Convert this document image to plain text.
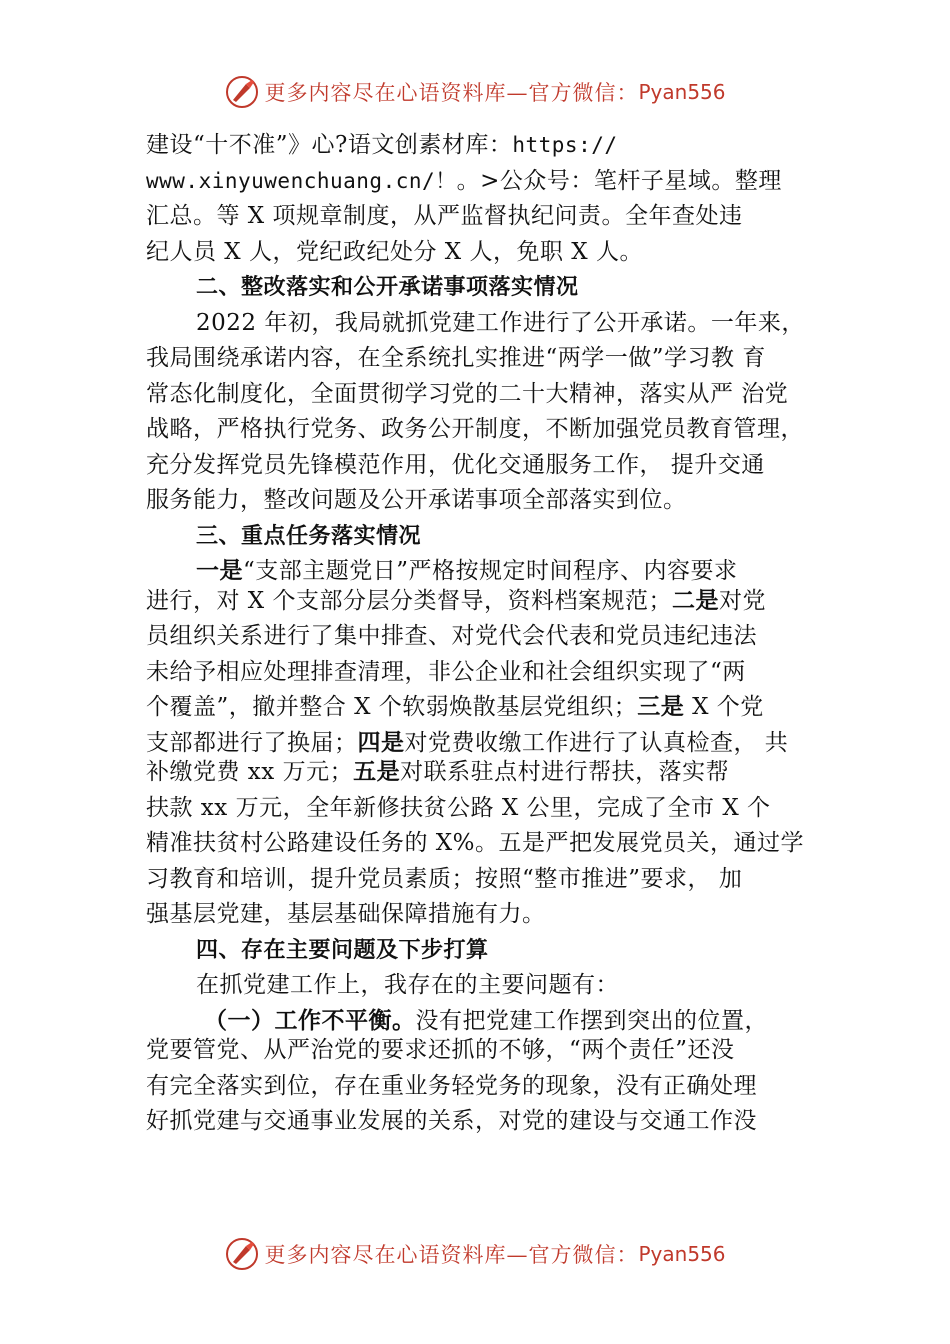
更多内容尽在心语资料库—官方微信： Pyan556
建设“十不准”》心?语文创素材库：https://
www.xinyuwenchuang.cn/！。>公众号：笔杆子星域。整理
汇总。等 X 项规章制度，从严监督执纪问责。全年查处违
纪人员 X 人，党纪政纪处分 X 人，免职 X 人。
二、整改落实和公开承诺事项落实情况
2022 年初，我局就抓党建工作进行了公开承诺。一年来，
我局围绕承诺内容，在全系统扎实推进“两学一做”学习教 育
常态化制度化，全面贯彻学习党的二十大精神，落实从严 治党
战略，严格执行党务、政务公开制度，不断加强党员教育管理，
充分发挥党员先锋模范作用，优化交通服务工作， 提升交通
服务能力，整改问题及公开承诺事项全部落实到位。
三、重点任务落实情况
一是“支部主题党日”严格按规定时间程序、内容要求
进行，对 X 个支部分层分类督导，资料档案规范；二是对党
员组织关系进行了集中排查、对党代会代表和党员违纪违法
未给予相应处理排查清理，非公企业和社会组织实现了“两
个覆盖”，撤并整合 X 个软弱焕散基层党组织；三是 X 个党
支部都进行了换届；四是对党费收缴工作进行了认真检查， 共
补缴党费 xx 万元；五是对联系驻点村进行帮扶，落实帮
扶款 xx 万元，全年新修扶贫公路 X 公里，完成了全市 X 个
精准扶贫村公路建设任务的 X%。五是严把发展党员关，通过学
习教育和培训，提升党员素质；按照“整市推进”要求， 加
强基层党建，基层基础保障措施有力。
四、存在主要问题及下步打算
在抓党建工作上，我存在的主要问题有：
（一）工作不平衡。没有把党建工作摆到突出的位置，
党要管党、从严治党的要求还抓的不够，“两个责任”还没
有完全落实到位，存在重业务轻党务的现象，没有正确处理
好抓党建与交通事业发展的关系，对党的建设与交通工作没
更多内容尽在心语资料库—官方微信： Pyan556
